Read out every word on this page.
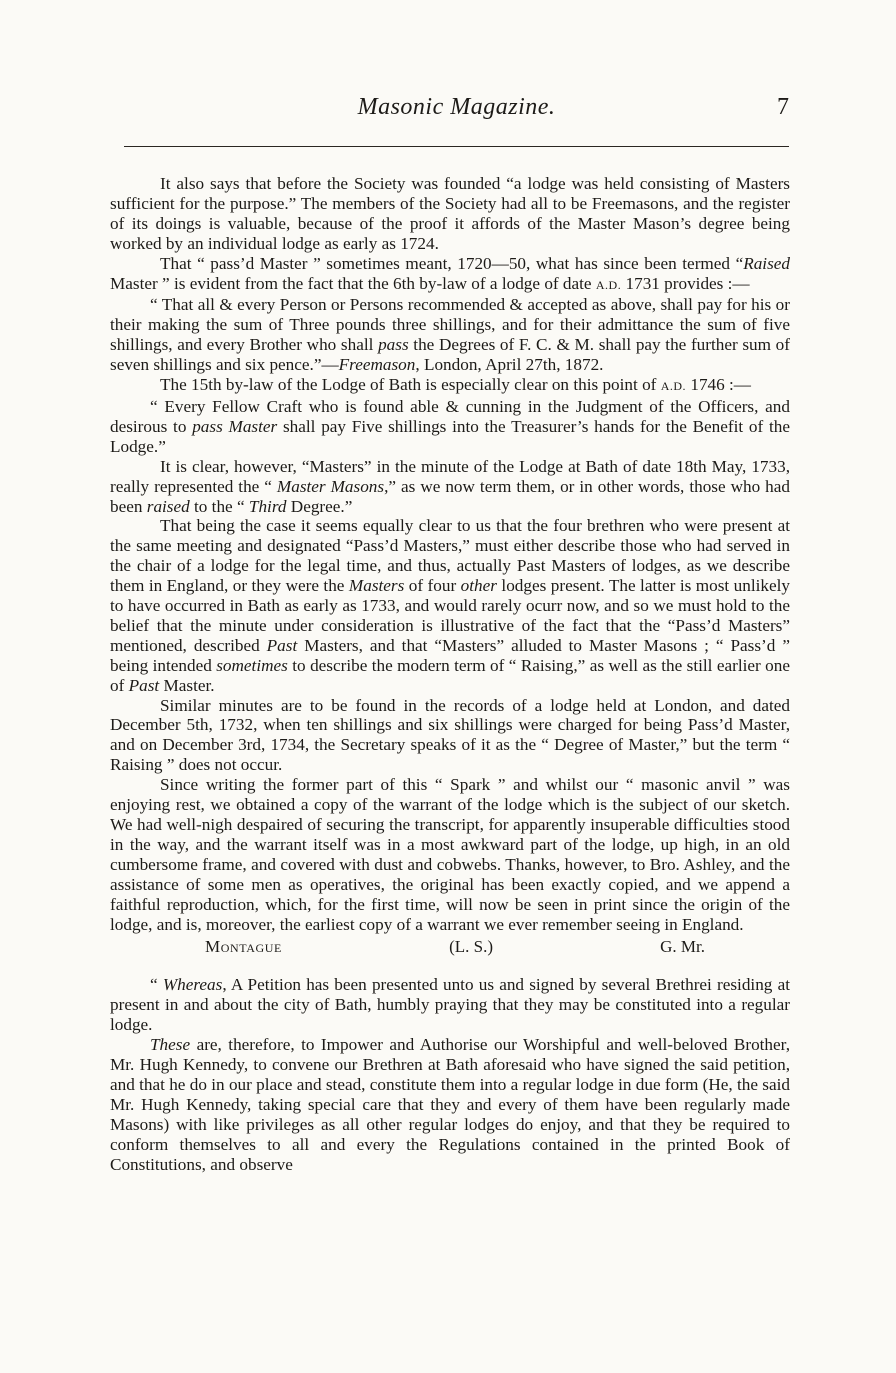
Masonic Magazine.	7

It also says that before the Society was founded “a lodge was held consisting of Masters sufficient for the purpose.” The members of the Society had all to be Freemasons, and the register of its doings is valuable, because of the proof it affords of the Master Mason’s degree being worked by an individual lodge as early as 1724.

That “ pass’d Master ” sometimes meant, 1720—50, what has since been termed “Raised Master ” is evident from the fact that the 6th by-law of a lodge of date A.D. 1731 provides :—

“ That all & every Person or Persons recommended & accepted as above, shall pay for his or their making the sum of Three pounds three shillings, and for their admittance the sum of five shillings, and every Brother who shall pass the Degrees of F. C. & M. shall pay the further sum of seven shillings and six pence.”—Freemason, London, April 27th, 1872.

The 15th by-law of the Lodge of Bath is especially clear on this point of A.D. 1746 :—

“ Every Fellow Craft who is found able & cunning in the Judgment of the Officers, and desirous to pass Master shall pay Five shillings into the Treasurer’s hands for the Benefit of the Lodge.”

It is clear, however, “Masters” in the minute of the Lodge at Bath of date 18th May, 1733, really represented the “ Master Masons,” as we now term them, or in other words, those who had been raised to the “ Third Degree.”

That being the case it seems equally clear to us that the four brethren who were present at the same meeting and designated “Pass’d Masters,” must either describe those who had served in the chair of a lodge for the legal time, and thus, actually Past Masters of lodges, as we describe them in England, or they were the Masters of four other lodges present. The latter is most unlikely to have occurred in Bath as early as 1733, and would rarely ocurr now, and so we must hold to the belief that the minute under consideration is illustrative of the fact that the “Pass’d Masters” mentioned, described Past Masters, and that “Masters” alluded to Master Masons ; “ Pass’d ” being intended sometimes to describe the modern term of “ Raising,” as well as the still earlier one of Past Master.

Similar minutes are to be found in the records of a lodge held at London, and dated December 5th, 1732, when ten shillings and six shillings were charged for being Pass’d Master, and on December 3rd, 1734, the Secretary speaks of it as the “ Degree of Master,” but the term “ Raising ” does not occur.

Since writing the former part of this “ Spark ” and whilst our “ masonic anvil ” was enjoying rest, we obtained a copy of the warrant of the lodge which is the subject of our sketch. We had well-nigh despaired of securing the transcript, for apparently insuperable difficulties stood in the way, and the warrant itself was in a most awkward part of the lodge, up high, in an old cumbersome frame, and covered with dust and cobwebs. Thanks, however, to Bro. Ashley, and the assistance of some men as operatives, the original has been exactly copied, and we append a faithful reproduction, which, for the first time, will now be seen in print since the origin of the lodge, and is, moreover, the earliest copy of a warrant we ever remember seeing in England.

Montague	(L. S.)	G. Mr.

“ Whereas, A Petition has been presented unto us and signed by several Brethrei residing at present in and about the city of Bath, humbly praying that they may be constituted into a regular lodge.

These are, therefore, to Impower and Authorise our Worshipful and well-beloved Brother, Mr. Hugh Kennedy, to convene our Brethren at Bath aforesaid who have signed the said petition, and that he do in our place and stead, constitute them into a regular lodge in due form (He, the said Mr. Hugh Kennedy, taking special care that they and every of them have been regularly made Masons) with like privileges as all other regular lodges do enjoy, and that they be required to conform themselves to all and every the Regulations contained in the printed Book of Constitutions, and observe
